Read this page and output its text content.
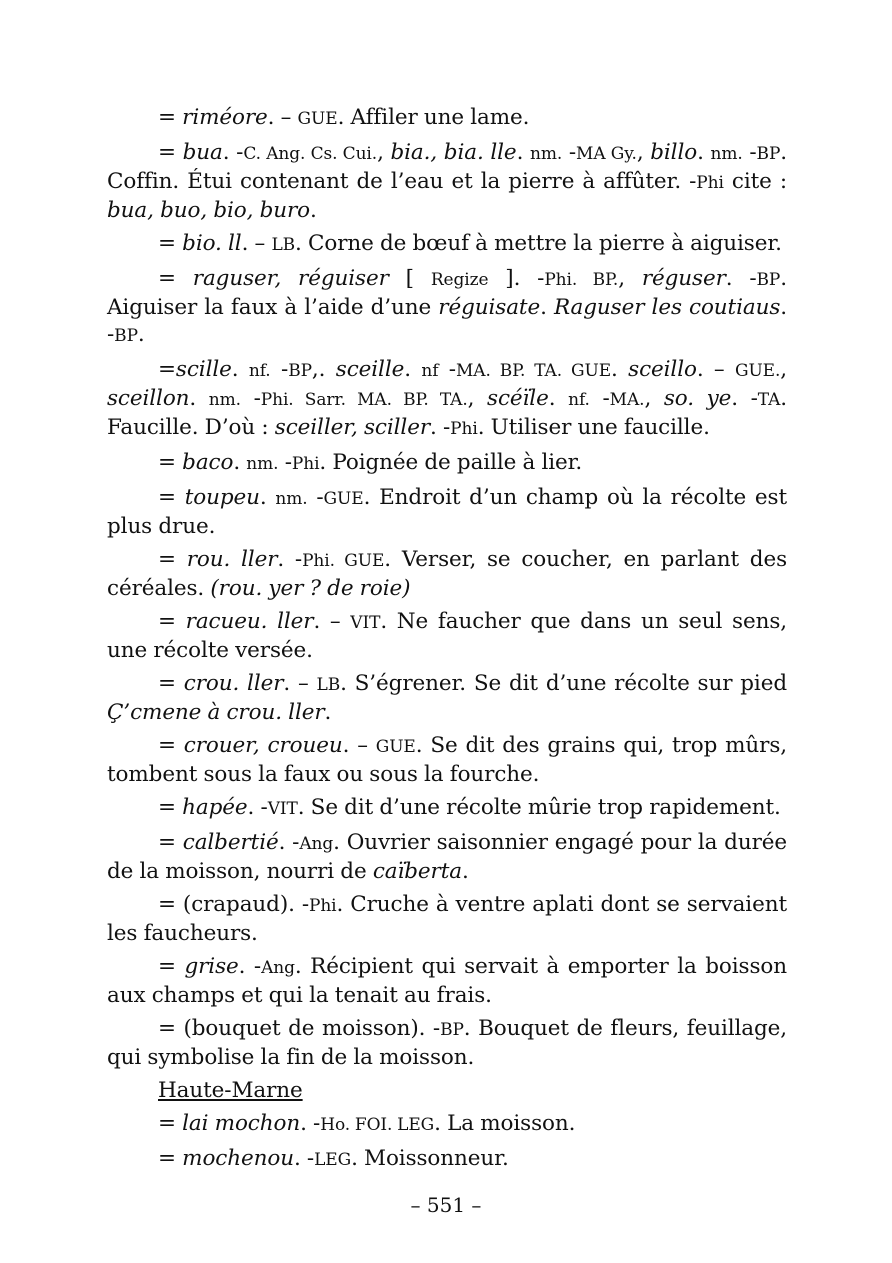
= riméore. – GUE. Affiler une lame.

= bua. -C. Ang. Cs. Cui., bia., bia. lle. nm. -MA Gy., billo. nm. -BP. Coffin. Étui contenant de l’eau et la pierre à affûter. -Phi cite : bua, buo, bio, buro.

= bio. ll. – LB. Corne de bœuf à mettre la pierre à aiguiser.

= raguser, réguiser [ Regize ]. -Phi. BP., réguser. -BP. Aiguiser la faux à l’aide d’une réguisate. Raguser les coutiaus. -BP.

=scille. nf. -BP,. sceille. nf -MA. BP. TA. GUE. sceillo. – GUE., sceillon. nm. -Phi. Sarr. MA. BP. TA., scéïle. nf. -MA., so. ye. -TA. Faucille. D’où : sceiller, sciller. -Phi. Utiliser une faucille.

= baco. nm. -Phi. Poignée de paille à lier.

= toupeu. nm. -GUE. Endroit d’un champ où la récolte est plus drue.

= rou. ller. -Phi. GUE. Verser, se coucher, en parlant des céréales. (rou. yer ? de roie)

= racueu. ller. – VIT. Ne faucher que dans un seul sens, une récolte versée.

= crou. ller. – LB. S’égrener. Se dit d’une récolte sur pied Ç’cmene à crou. ller.

= crouer, croueu. – GUE. Se dit des grains qui, trop mûrs, tombent sous la faux ou sous la fourche.

= hapée. -VIT. Se dit d’une récolte mûrie trop rapidement.

= calbertié. -Ang. Ouvrier saisonnier engagé pour la durée de la moisson, nourri de caïberta.

= (crapaud). -Phi. Cruche à ventre aplati dont se servaient les faucheurs.

= grise. -Ang. Récipient qui servait à emporter la boisson aux champs et qui la tenait au frais.

= (bouquet de moisson). -BP. Bouquet de fleurs, feuillage, qui symbolise la fin de la moisson.

Haute-Marne

= lai mochon. -Ho. FOI. LEG. La moisson.

= mochenou. -LEG. Moissonneur.

– 551 –
